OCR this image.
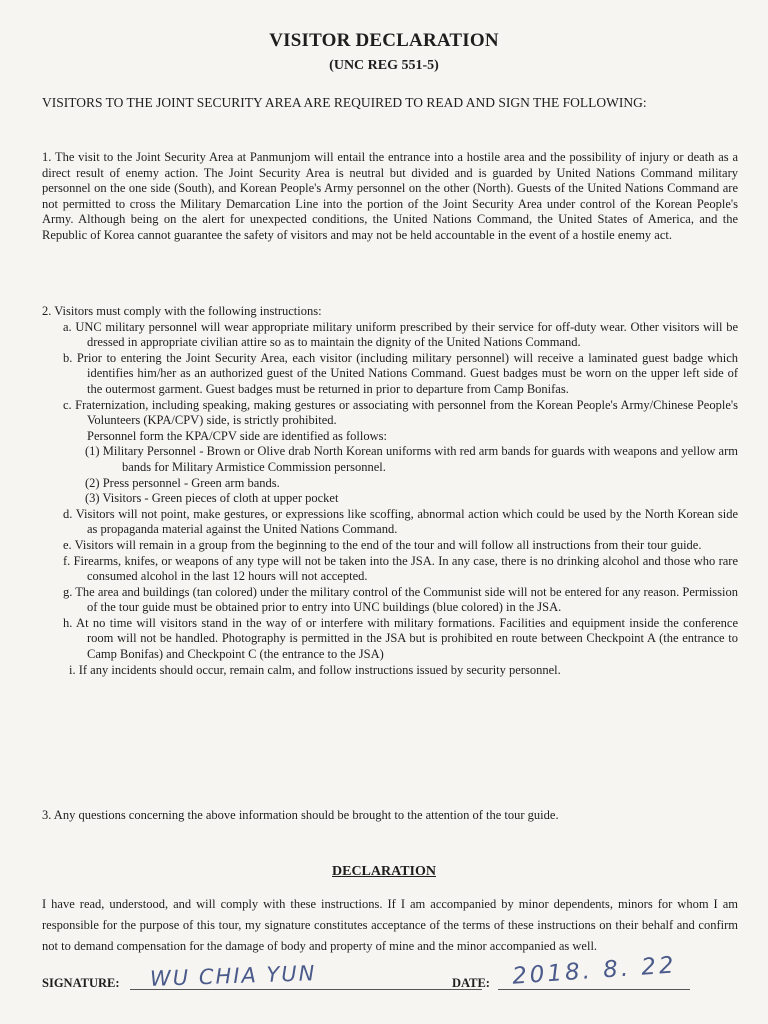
VISITOR DECLARATION
(UNC REG 551-5)
VISITORS TO THE JOINT SECURITY AREA ARE REQUIRED TO READ AND SIGN THE FOLLOWING:

1. The visit to the Joint Security Area at Panmunjom will entail the entrance into a hostile area and the possibility of injury or death as a direct result of enemy action. The Joint Security Area is neutral but divided and is guarded by United Nations Command military personnel on the one side (South), and Korean People's Army personnel on the other (North). Guests of the United Nations Command are not permitted to cross the Military Demarcation Line into the portion of the Joint Security Area under control of the Korean People's Army. Although being on the alert for unexpected conditions, the United Nations Command, the United States of America, and the Republic of Korea cannot guarantee the safety of visitors and may not be held accountable in the event of a hostile enemy act.

2. Visitors must comply with the following instructions:

a. UNC military personnel will wear appropriate military uniform prescribed by their service for off-duty wear. Other visitors will be dressed in appropriate civilian attire so as to maintain the dignity of the United Nations Command.

b. Prior to entering the Joint Security Area, each visitor (including military personnel) will receive a laminated guest badge which identifies him/her as an authorized guest of the United Nations Command. Guest badges must be worn on the upper left side of the outermost garment. Guest badges must be returned in prior to departure from Camp Bonifas.

c. Fraternization, including speaking, making gestures or associating with personnel from the Korean People's Army/Chinese People's Volunteers (KPA/CPV) side, is strictly prohibited.

Personnel form the KPA/CPV side are identified as follows:

(1) Military Personnel - Brown or Olive drab North Korean uniforms with red arm bands for guards with weapons and yellow arm bands for Military Armistice Commission personnel.

(2) Press personnel - Green arm bands.

(3) Visitors - Green pieces of cloth at upper pocket

d. Visitors will not point, make gestures, or expressions like scoffing, abnormal action which could be used by the North Korean side as propaganda material against the United Nations Command.

e. Visitors will remain in a group from the beginning to the end of the tour and will follow all instructions from their tour guide.

f. Firearms, knifes, or weapons of any type will not be taken into the JSA. In any case, there is no drinking alcohol and those who rare consumed alcohol in the last 12 hours will not accepted.

g. The area and buildings (tan colored) under the military control of the Communist side will not be entered for any reason. Permission of the tour guide must be obtained prior to entry into UNC buildings (blue colored) in the JSA.

h. At no time will visitors stand in the way of or interfere with military formations. Facilities and equipment inside the conference room will not be handled. Photography is permitted in the JSA but is prohibited en route between Checkpoint A (the entrance to Camp Bonifas) and Checkpoint C (the entrance to the JSA)

i. If any incidents should occur, remain calm, and follow instructions issued by security personnel.

3. Any questions concerning the above information should be brought to the attention of the tour guide.

DECLARATION
I have read, understood, and will comply with these instructions. If I am accompanied by minor dependents, minors for whom I am responsible for the purpose of this tour, my signature constitutes acceptance of the terms of these instructions on their behalf and confirm not to demand compensation for the damage of body and property of mine and the minor accompanied as well.
SIGNATURE: WU CHIA YUN	DATE: 2018. 8. 22
